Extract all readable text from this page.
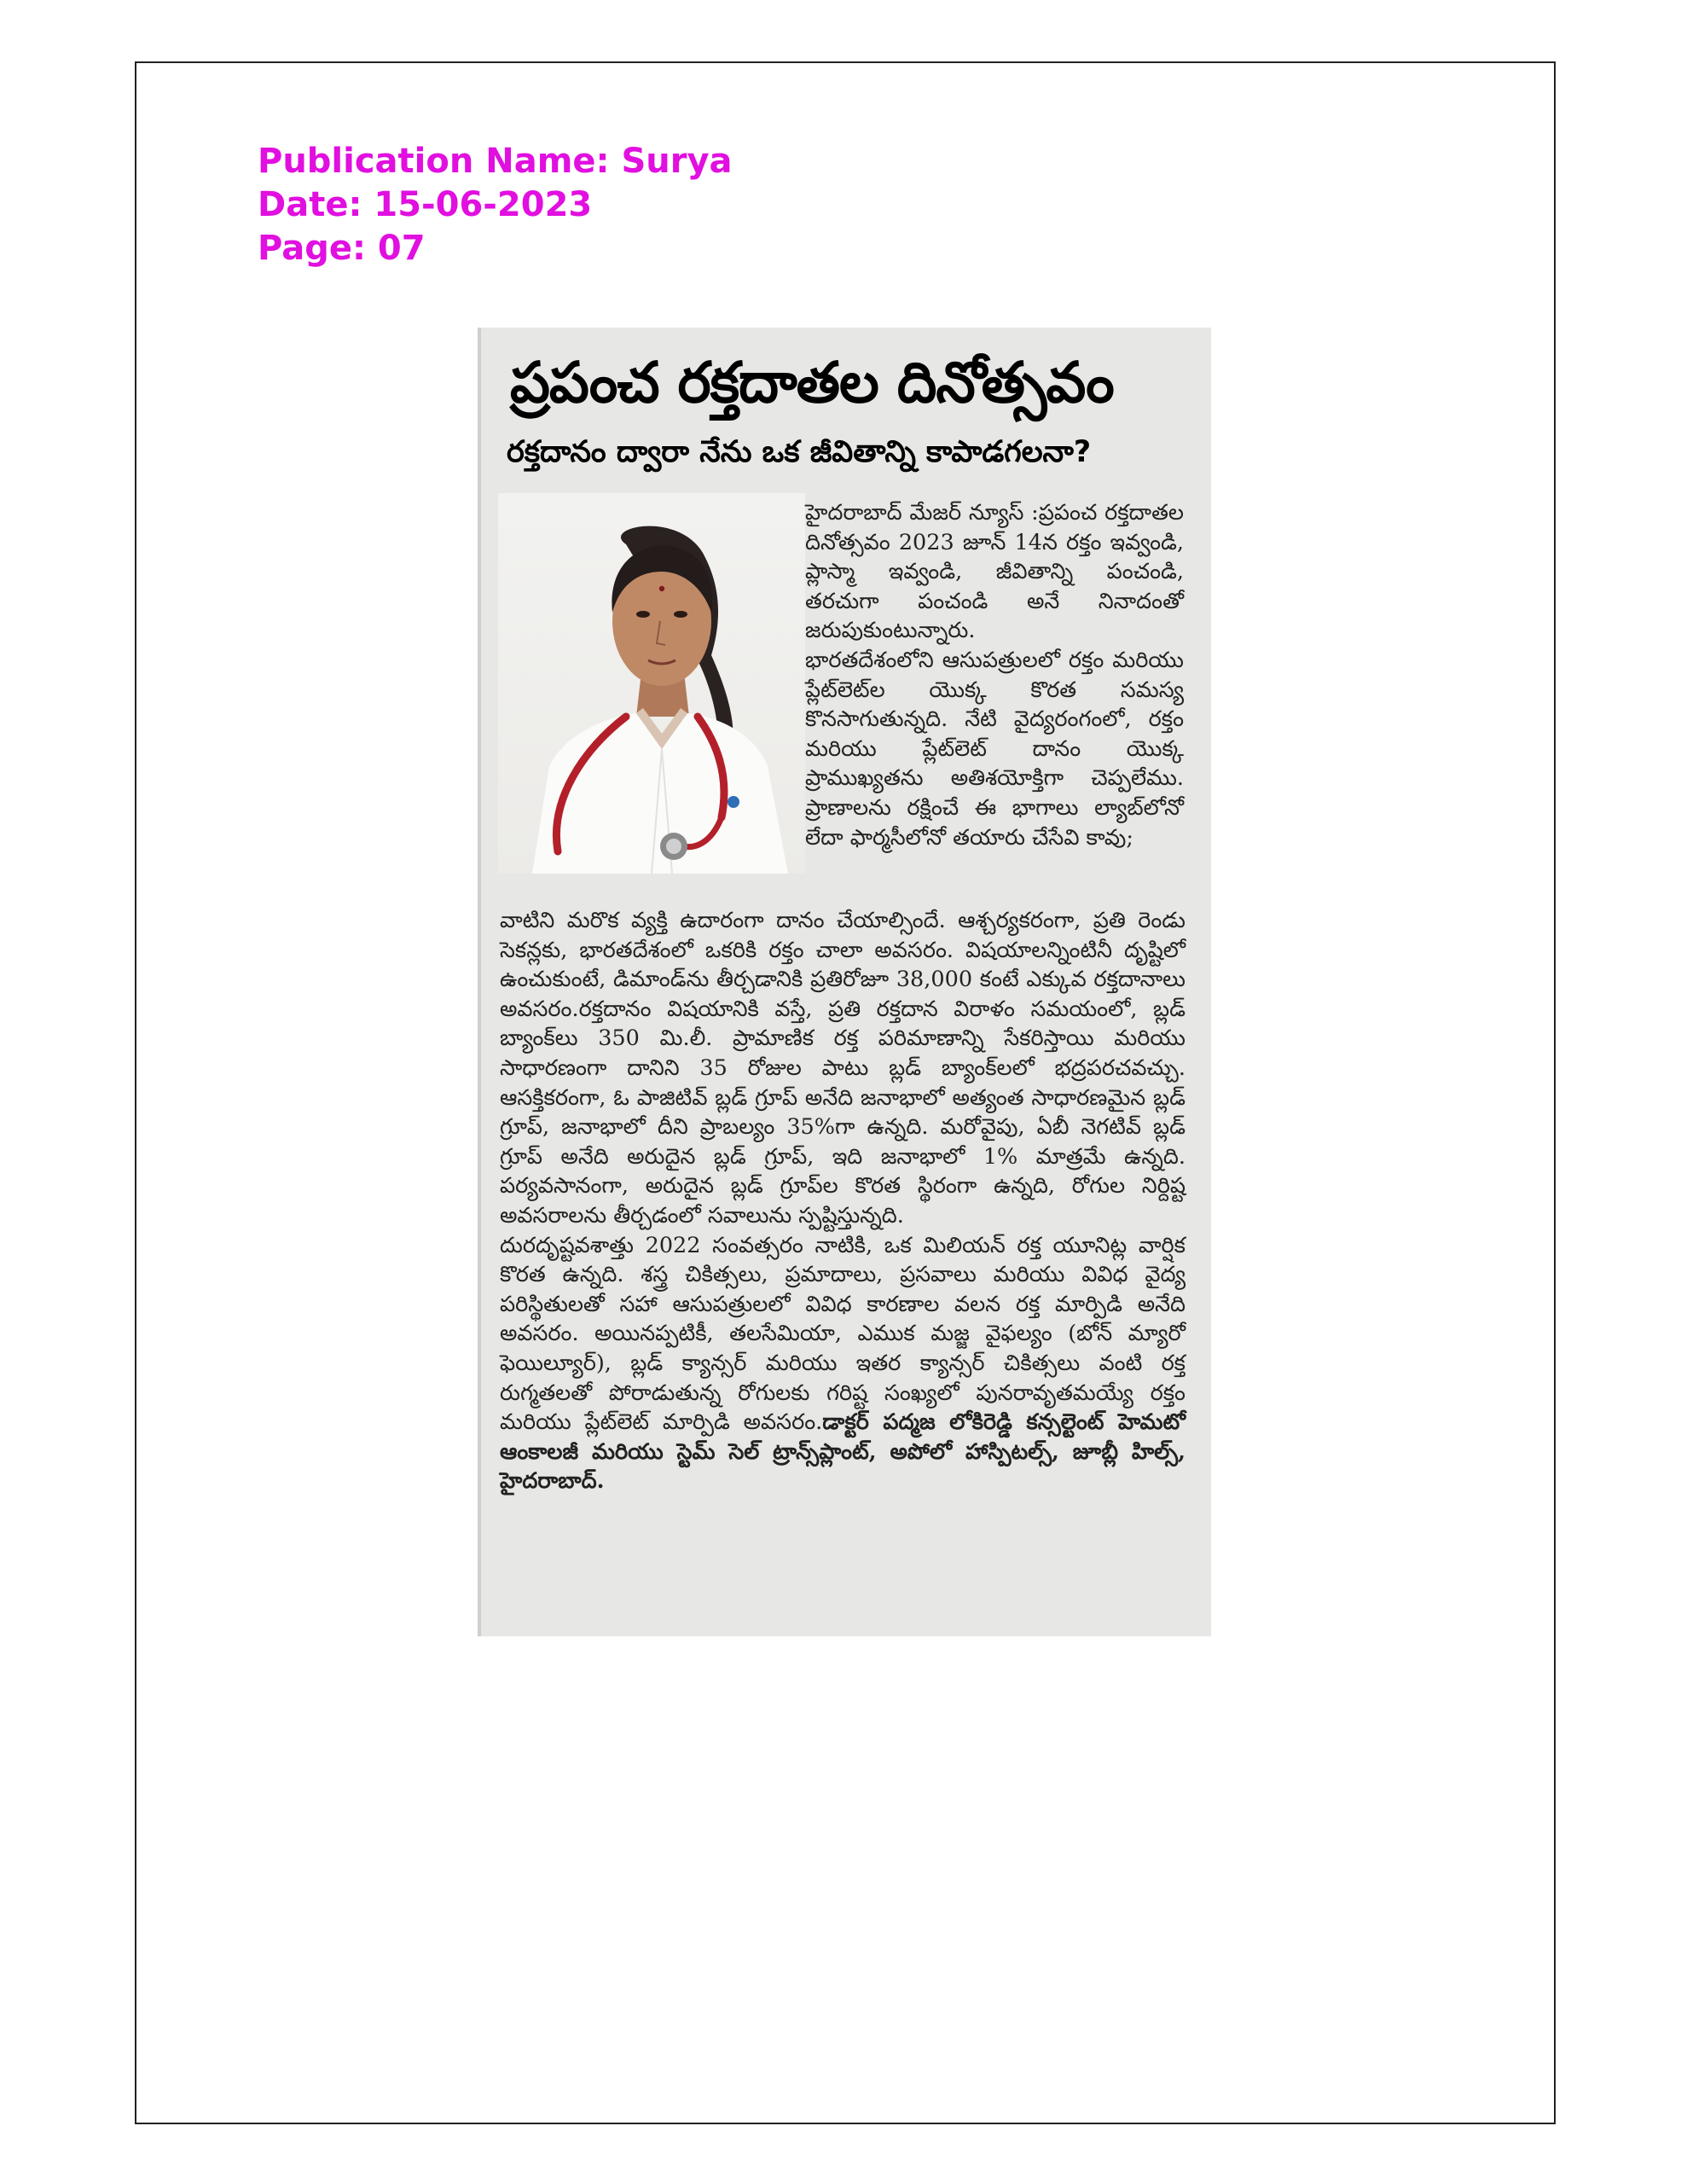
Publication Name: Surya
Date: 15-06-2023
Page: 07
ప్రపంచ రక్తదాతల దినోత్సవం
రక్తదానం ద్వారా నేను ఒక జీవితాన్ని కాపాడగలనా?

హైదరాబాద్ మేజర్ న్యూస్ :ప్రపంచ రక్తదాతల దినోత్సవం 2023 జూన్ 14న రక్తం ఇవ్వండి, ప్లాస్మా ఇవ్వండి, జీవితాన్ని పంచండి, తరచుగా పంచండి అనే నినాదంతో జరుపుకుంటున్నారు.

భారతదేశంలోని ఆసుపత్రులలో రక్తం మరియు ప్లేట్‌లెట్‌ల యొక్క కొరత సమస్య కొనసాగుతున్నది. నేటి వైద్యరంగంలో, రక్తం మరియు ప్లేట్‌లెట్ దానం యొక్క ప్రాముఖ్యతను అతిశయోక్తిగా చెప్పలేము. ప్రాణాలను రక్షించే ఈ భాగాలు ల్యాబ్‌లోనో లేదా ఫార్మసీలోనో తయారు చేసేవి కావు;

వాటిని మరొక వ్యక్తి ఉదారంగా దానం చేయాల్సిందే. ఆశ్చర్యకరంగా, ప్రతి రెండు సెకన్లకు, భారతదేశంలో ఒకరికి రక్తం చాలా అవసరం. విషయాలన్నింటినీ దృష్టిలో ఉంచుకుంటే, డిమాండ్‌ను తీర్చడానికి ప్రతిరోజూ 38,000 కంటే ఎక్కువ రక్తదానాలు అవసరం.రక్తదానం విషయానికి వస్తే, ప్రతి రక్తదాన విరాళం సమయంలో, బ్లడ్ బ్యాంక్‌లు 350 మి.లీ. ప్రామాణిక రక్త పరిమాణాన్ని సేకరిస్తాయి మరియు సాధారణంగా దానిని 35 రోజుల పాటు బ్లడ్ బ్యాంక్‌లలో భద్రపరచవచ్చు. ఆసక్తికరంగా, ఓ పాజిటివ్ బ్లడ్ గ్రూప్ అనేది జనాభాలో అత్యంత సాధారణమైన బ్లడ్ గ్రూప్, జనాభాలో దీని ప్రాబల్యం 35%గా ఉన్నది. మరోవైపు, ఏబీ నెగటివ్ బ్లడ్ గ్రూప్ అనేది అరుదైన బ్లడ్ గ్రూప్, ఇది జనాభాలో 1% మాత్రమే ఉన్నది. పర్యవసానంగా, అరుదైన బ్లడ్ గ్రూప్‌ల కొరత స్థిరంగా ఉన్నది, రోగుల నిర్దిష్ట అవసరాలను తీర్చడంలో సవాలును స్పష్టిస్తున్నది.

దురదృష్టవశాత్తు 2022 సంవత్సరం నాటికి, ఒక మిలియన్ రక్త యూనిట్ల వార్షిక కొరత ఉన్నది. శస్త్ర చికిత్సలు, ప్రమాదాలు, ప్రసవాలు మరియు వివిధ వైద్య పరిస్థితులతో సహా ఆసుపత్రులలో వివిధ కారణాల వలన రక్త మార్పిడి అనేది అవసరం. అయినప్పటికీ, తలసేమియా, ఎముక మజ్జ వైఫల్యం (బోన్ మ్యారో ఫెయిల్యూర్), బ్లడ్ క్యాన్సర్ మరియు ఇతర క్యాన్సర్ చికిత్సలు వంటి రక్త రుగ్మతలతో పోరాడుతున్న రోగులకు గరిష్ట సంఖ్యలో పునరావృతమయ్యే రక్తం మరియు ప్లేట్‌లెట్ మార్పిడి అవసరం.డాక్టర్ పద్మజ లోకిరెడ్డి కన్సల్టెంట్ హెమటో ఆంకాలజీ మరియు స్టెమ్ సెల్ ట్రాన్స్‌ప్లాంట్, అపోలో హాస్పిటల్స్, జూబ్లీ హిల్స్, హైదరాబాద్.
